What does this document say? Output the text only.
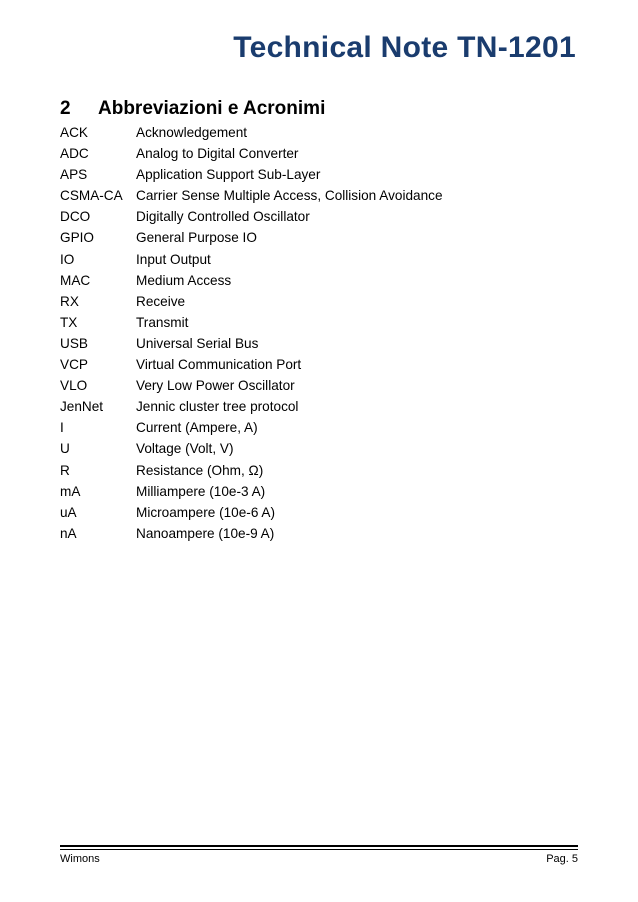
Technical Note TN-1201
2 Abbreviazioni e Acronimi
ACK	Acknowledgement
ADC	Analog to Digital Converter
APS	Application Support Sub-Layer
CSMA-CA Carrier Sense Multiple Access, Collision Avoidance
DCO	Digitally Controlled Oscillator
GPIO	General Purpose IO
IO	Input Output
MAC	Medium Access
RX	Receive
TX	Transmit
USB	Universal Serial Bus
VCP	Virtual Communication Port
VLO	Very Low Power Oscillator
JenNet Jennic cluster tree protocol
I	Current (Ampere, A)
U	Voltage (Volt, V)
R	Resistance (Ohm, Ω)
mA	Milliampere (10e-3 A)
uA	Microampere (10e-6 A)
nA	Nanoampere (10e-9 A)
Wimons	Pag. 5
